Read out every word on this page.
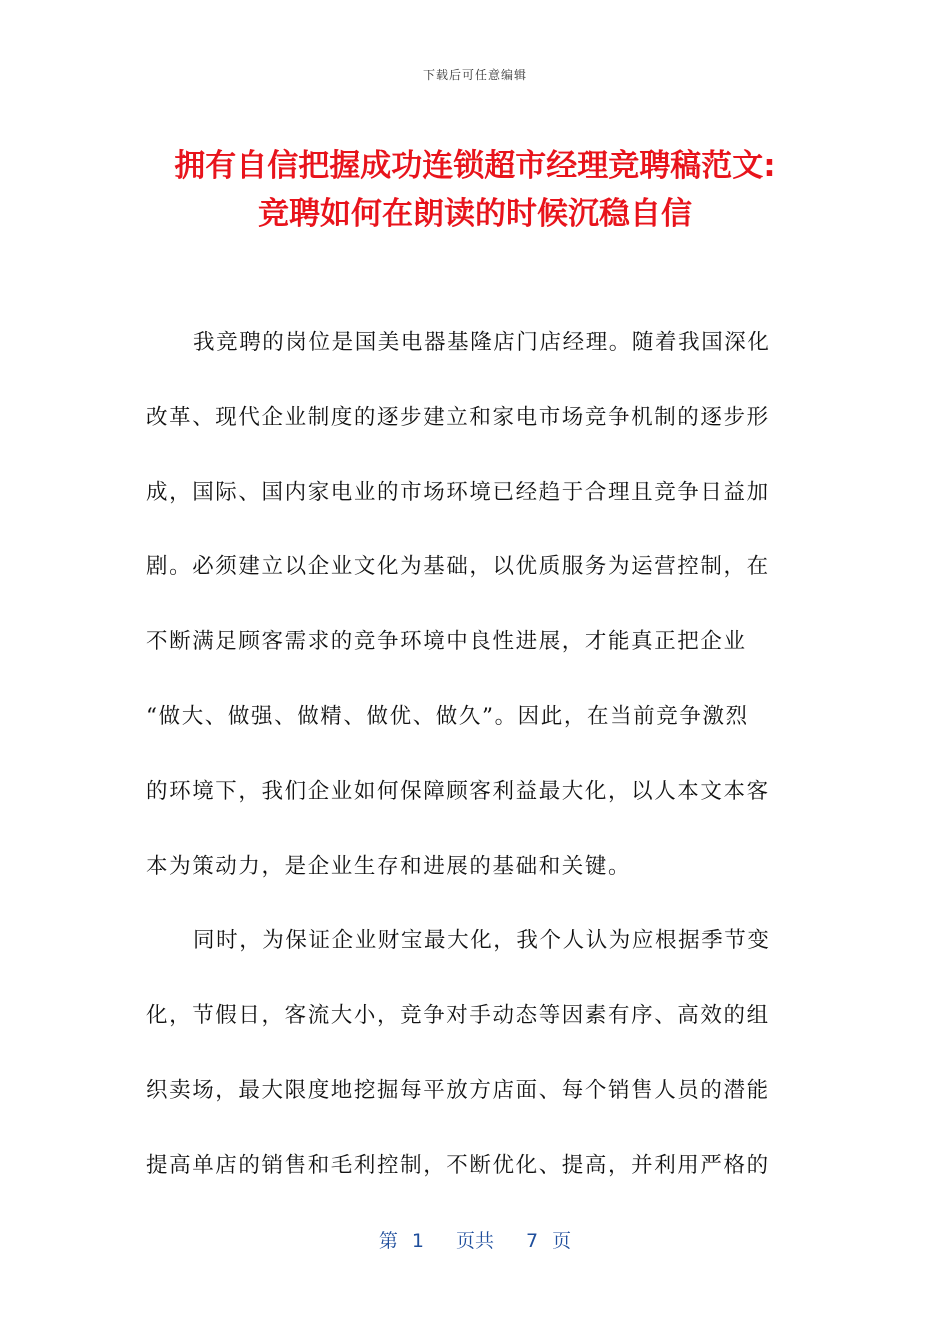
下载后可任意编辑
拥有自信把握成功连锁超市经理竞聘稿范文:
竞聘如何在朗读的时候沉稳自信
我竞聘的岗位是国美电器基隆店门店经理。随着我国深化
改革、现代企业制度的逐步建立和家电市场竞争机制的逐步形
成，国际、国内家电业的市场环境已经趋于合理且竞争日益加
剧。必须建立以企业文化为基础，以优质服务为运营控制，在
不断满足顾客需求的竞争环境中良性进展，才能真正把企业
“做大、做强、做精、做优、做久”。因此，在当前竞争激烈
的环境下，我们企业如何保障顾客利益最大化，以人本文本客
本为策动力，是企业生存和进展的基础和关键。
同时，为保证企业财宝最大化，我个人认为应根据季节变
化，节假日，客流大小，竞争对手动态等因素有序、高效的组
织卖场，最大限度地挖掘每平放方店面、每个销售人员的潜能
提高单店的销售和毛利控制，不断优化、提高，并利用严格的
第 1 页共 7 页
